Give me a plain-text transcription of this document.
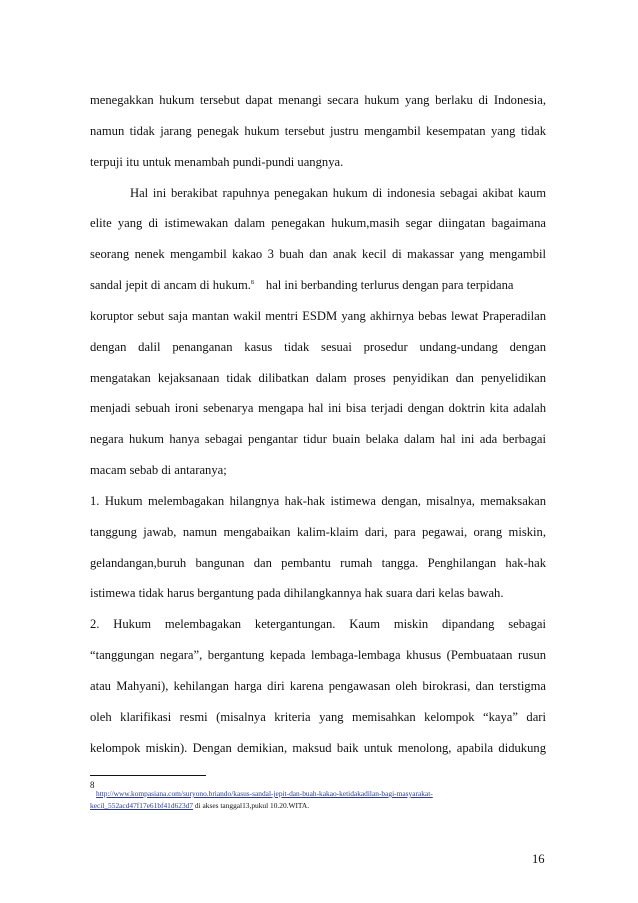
menegakkan hukum tersebut dapat menangi secara hukum yang berlaku di Indonesia,
namun tidak jarang penegak hukum tersebut justru mengambil kesempatan yang tidak
terpuji itu untuk menambah pundi-pundi uangnya.
Hal ini berakibat rapuhnya penegakan hukum di indonesia sebagai akibat kaum
elite yang di istimewakan dalam penegakan hukum,masih segar diingatan bagaimana
seorang nenek mengambil kakao 3 buah dan anak kecil di makassar yang mengambil
sandal jepit di ancam di hukum.$^8$ hal ini berbanding terlurus dengan para terpidana
koruptor sebut saja mantan wakil mentri ESDM yang akhirnya bebas lewat Praperadilan
dengan dalil penanganan kasus tidak sesuai prosedur undang-undang dengan
mengatakan kejaksanaan tidak dilibatkan dalam proses penyidikan dan penyelidikan
menjadi sebuah ironi sebenarya mengapa hal ini bisa terjadi dengan doktrin kita adalah
negara hukum hanya sebagai pengantar tidur buain belaka dalam hal ini ada berbagai
macam sebab di antaranya;
1. Hukum melembagakan hilangnya hak-hak istimewa dengan, misalnya, memaksakan
tanggung jawab, namun mengabaikan kalim-klaim dari, para pegawai, orang miskin,
gelandangan,buruh bangunan dan pembantu rumah tangga. Penghilangan hak-hak
istimewa tidak harus bergantung pada dihilangkannya hak suara dari kelas bawah.
2. Hukum melembagakan ketergantungan. Kaum miskin dipandang sebagai
“tanggungan negara”, bergantung kepada lembaga-lembaga khusus (Pembuataan rusun
atau Mahyani), kehilangan harga diri karena pengawasan oleh birokrasi, dan terstigma
oleh klarifikasi resmi (misalnya kriteria yang memisahkan kelompok “kaya” dari
kelompok miskin). Dengan demikian, maksud baik untuk menolong, apabila didukung
8
http://www.kompasiana.com/suryono.briando/kasus-sandal-jepit-dan-buah-kakao-ketidakadilan-bagi-masyarakat-
kecil_552acd47f17e61bf41d623d7 di akses tanggal13,pukul 10.20.WITA.
16
